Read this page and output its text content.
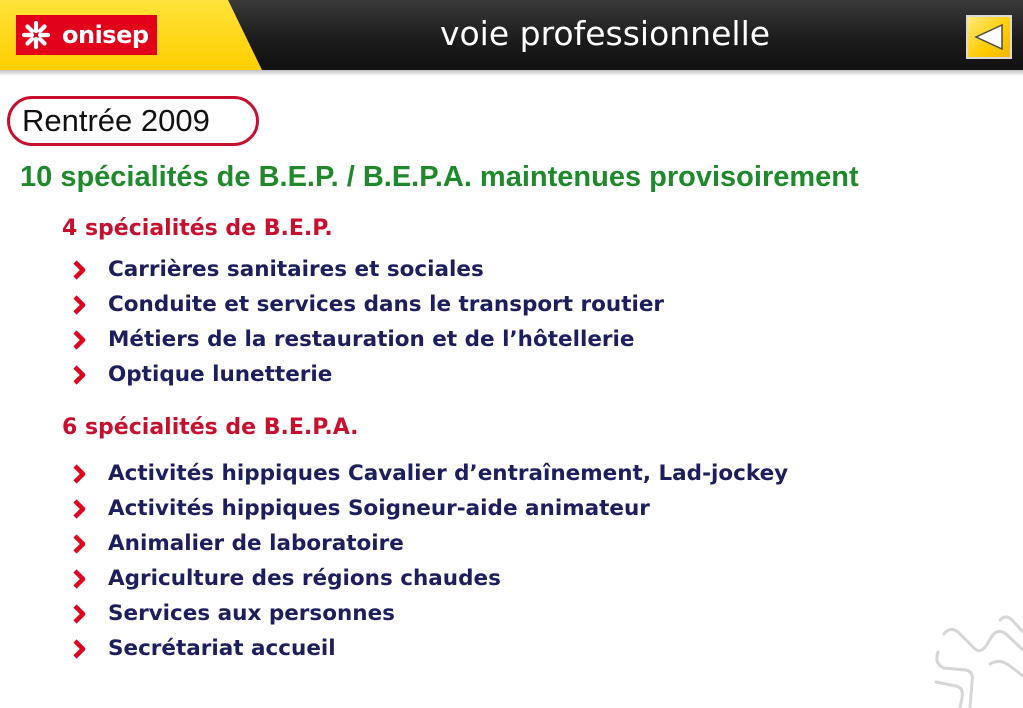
onisep	voie professionnelle
Rentrée 2009
10 spécialités de B.E.P. / B.E.P.A. maintenues provisoirement
4 spécialités de B.E.P.
Carrières sanitaires et sociales
Conduite et services dans le transport routier
Métiers de la restauration et de l’hôtellerie
Optique lunetterie
6 spécialités de B.E.P.A.
Activités hippiques Cavalier d’entraînement, Lad-jockey
Activités hippiques Soigneur-aide animateur
Animalier de laboratoire
Agriculture des régions chaudes
Services aux personnes
Secrétariat accueil
